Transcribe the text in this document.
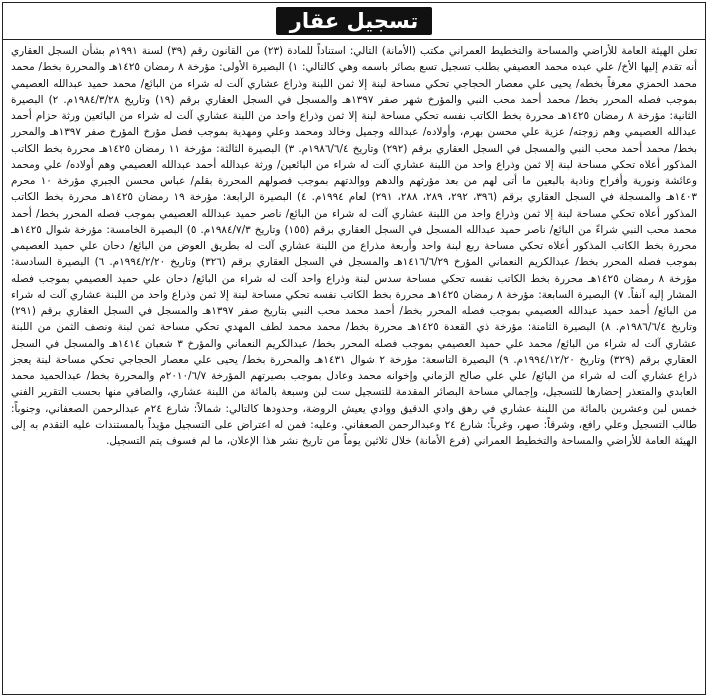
تسجيل عقار
تعلن الهيئة العامة للأراضي والمساحة والتخطيط العمراني مكتب (الأمانة) التالي: استناداً للمادة (٢٣) من القانون رقم (٣٩) لسنة ١٩٩١م بشأن السجل العقاري أنه تقدم إليها الأخ/ علي عبده محمد العصيفي بطلب تسجيل تسع بصائر باسمه وهي كالتالي: ١) البصيرة الأولى: مؤرخة ٨ رمضان ١٤٢٥هـ والمحررة بخط/ محمد محمد الحمزي معرفاً بخطه/ يحيى علي معصار الحجاجي تحكي مساحة لبنة إلا ثمن اللبنة وذراع عشاري آلت له شراء من البائع/ محمد حميد عبدالله العصيمي بموجب فصله المحرر بخط/ محمد أحمد محب النبي والمؤرخ شهر صفر ١٣٩٧هـ والمسجل في السجل العقاري برقم (١٩) وتاريخ ١٩٨٤/٣/٢٨م. ٢) البصيرة الثانية: مؤرخة ٨ رمضان ١٤٢٥هـ محررة بخط الكاتب نفسه تحكي مساحة لبنة إلا ثمن وذراع واحد من اللبنة عشاري آلت له شراء من البائعين ورثة حزام أحمد عبدالله العصيمي وهم زوجته/ عزية علي محسن بهرم، وأولاده/ عبدالله وجميل وخالد ومحمد وعلي ومهدية بموجب فصل مؤرخ المؤرخ صفر ١٣٩٧هـ والمحرر بخط/ محمد أحمد محب النبي والمسجل في السجل العقاري برقم (٢٩٢) وتاريخ ١٩٨٦/٦/٤م. ٣) البصيرة الثالثة: مؤرخة ١١ رمضان ١٤٢٥هـ محررة بخط الكاتب المذكور أعلاه تحكي مساحة لبنة إلا ثمن وذراع واحد من اللبنة عشاري آلت له شراء من البائعين/ ورثة عبدالله أحمد عبدالله العصيمي وهم أولاده/ علي ومحمد وعائشة ونورية وأفراح ونادية بالبعين ما أتى لهم من بعد مؤرثهم والدهم ووالدتهم بموجب فصولهم المحررة بقلم/ عباس محسن الجبري مؤرخة ١٠ محرم ١٤٠٣هـ والمسجلة في السجل العقاري برقم (٣٩٦، ٢٩٢، ٢٨٩، ٢٨٨، ٢٩١) لعام ١٩٩٤م. ٤) البصيرة الرابعة: مؤرخة ١٩ رمضان ١٤٢٥هـ محررة بخط الكاتب المذكور أعلاه تحكي مساحة لبنة إلا ثمن وذراع واحد من اللبنة عشاري آلت له شراء من البائع/ ناصر حميد عبدالله العصيمي بموجب فصله المحرر بخط/ أحمد محمد محب النبي شراءً من البائع/ ناصر حميد عبدالله المسجل في السجل العقاري برقم (١٥٥) وتاريخ ١٩٨٤/٧/٣م. ٥) البصيرة الخامسة: مؤرخة شوال ١٤٢٥هـ محررة بخط الكاتب المذكور أعلاه تحكي مساحة ربع لبنة واحد وأربعة مذراع من اللبنة عشاري آلت له بطريق العوض من البائع/ دحان علي حميد العصيمي بموجب فصله المحرر بخط/ عبدالكريم النعماني المؤرخ ١٤١٦/٦/٢٩هـ والمسجل في السجل العقاري برقم (٣٢٦) وتاريخ ١٩٩٤/٢/٢٠م. ٦) البصيرة السادسة: مؤرخة ٨ رمضان ١٤٢٥هـ محررة بخط الكاتب نفسه تحكي مساحة سدس لبنة وذراع واحد آلت له شراء من البائع/ دحان علي حميد العصيمي بموجب فصله المشار إليه آنفاً. ٧) البصيرة السابعة: مؤرخة ٨ رمضان ١٤٢٥هـ محررة بخط الكاتب نفسه تحكي مساحة لبنة إلا ثمن وذراع واحد من اللبنة عشاري آلت له شراء من البائع/ أحمد حميد عبدالله العصيمي بموجب فصله المحرر بخط/ أحمد محمد محب النبي بتاريخ صفر ١٣٩٧هـ والمسجل في السجل العقاري برقم (٢٩١) وتاريخ ١٩٨٦/٦/٤م. ٨) البصيرة الثامنة: مؤرخة ذي القعدة ١٤٢٥هـ محررة بخط/ محمد محمد لطف المهدي تحكي مساحة ثمن لبنة ونصف الثمن من اللبنة عشاري آلت له شراء من البائع/ محمد علي حميد العصيمي بموجب فصله المحرر بخط/ عبدالكريم النعماني والمؤرخ ٣ شعبان ١٤١٤هـ والمسجل في السجل العقاري برقم (٣٢٩) وتاريخ ١٩٩٤/١٢/٢٠م. ٩) البصيرة التاسعة: مؤرخة ٢ شوال ١٤٣١هـ والمحررة بخط/ يحيى علي معصار الحجاجي تحكي مساحة لبنة يعجز ذراع عشاري آلت له شراء من البائع/ علي علي صالح الزماني وإخوانه محمد وعادل بموجب بصيرتهم المؤرخة ٢٠١٠/٦/٧م والمحررة بخط/ عبدالحميد محمد العابدي والمتعذر إحضارها للتسجيل، وإجمالي مساحة البصائر المقدمة للتسجيل ست لبن وسبعة بالمائة من اللبنة عشاري، والصافي منها بحسب التقرير الفني خمس لبن وعشرين بالمائة من اللبنة عشاري في رهق وادي الدقيق ووادي يعيش الروضة، وحدودها كالتالي: شمالاً: شارع ٢٤م عبدالرحمن الصعفاني، وجنوباً: طالب التسجيل وعلي رافع، وشرقاً: صهر، وغرباً: شارع ٢٤ وعبدالرحمن الصعفاني. وعليه: فمن له اعتراض على التسجيل مؤيداً بالمستندات عليه التقدم به إلى الهيئة العامة للأراضي والمساحة والتخطيط العمراني (فرع الأمانة) خلال ثلاثين يوماً من تاريخ نشر هذا الإعلان، ما لم فسوف يتم التسجيل.
